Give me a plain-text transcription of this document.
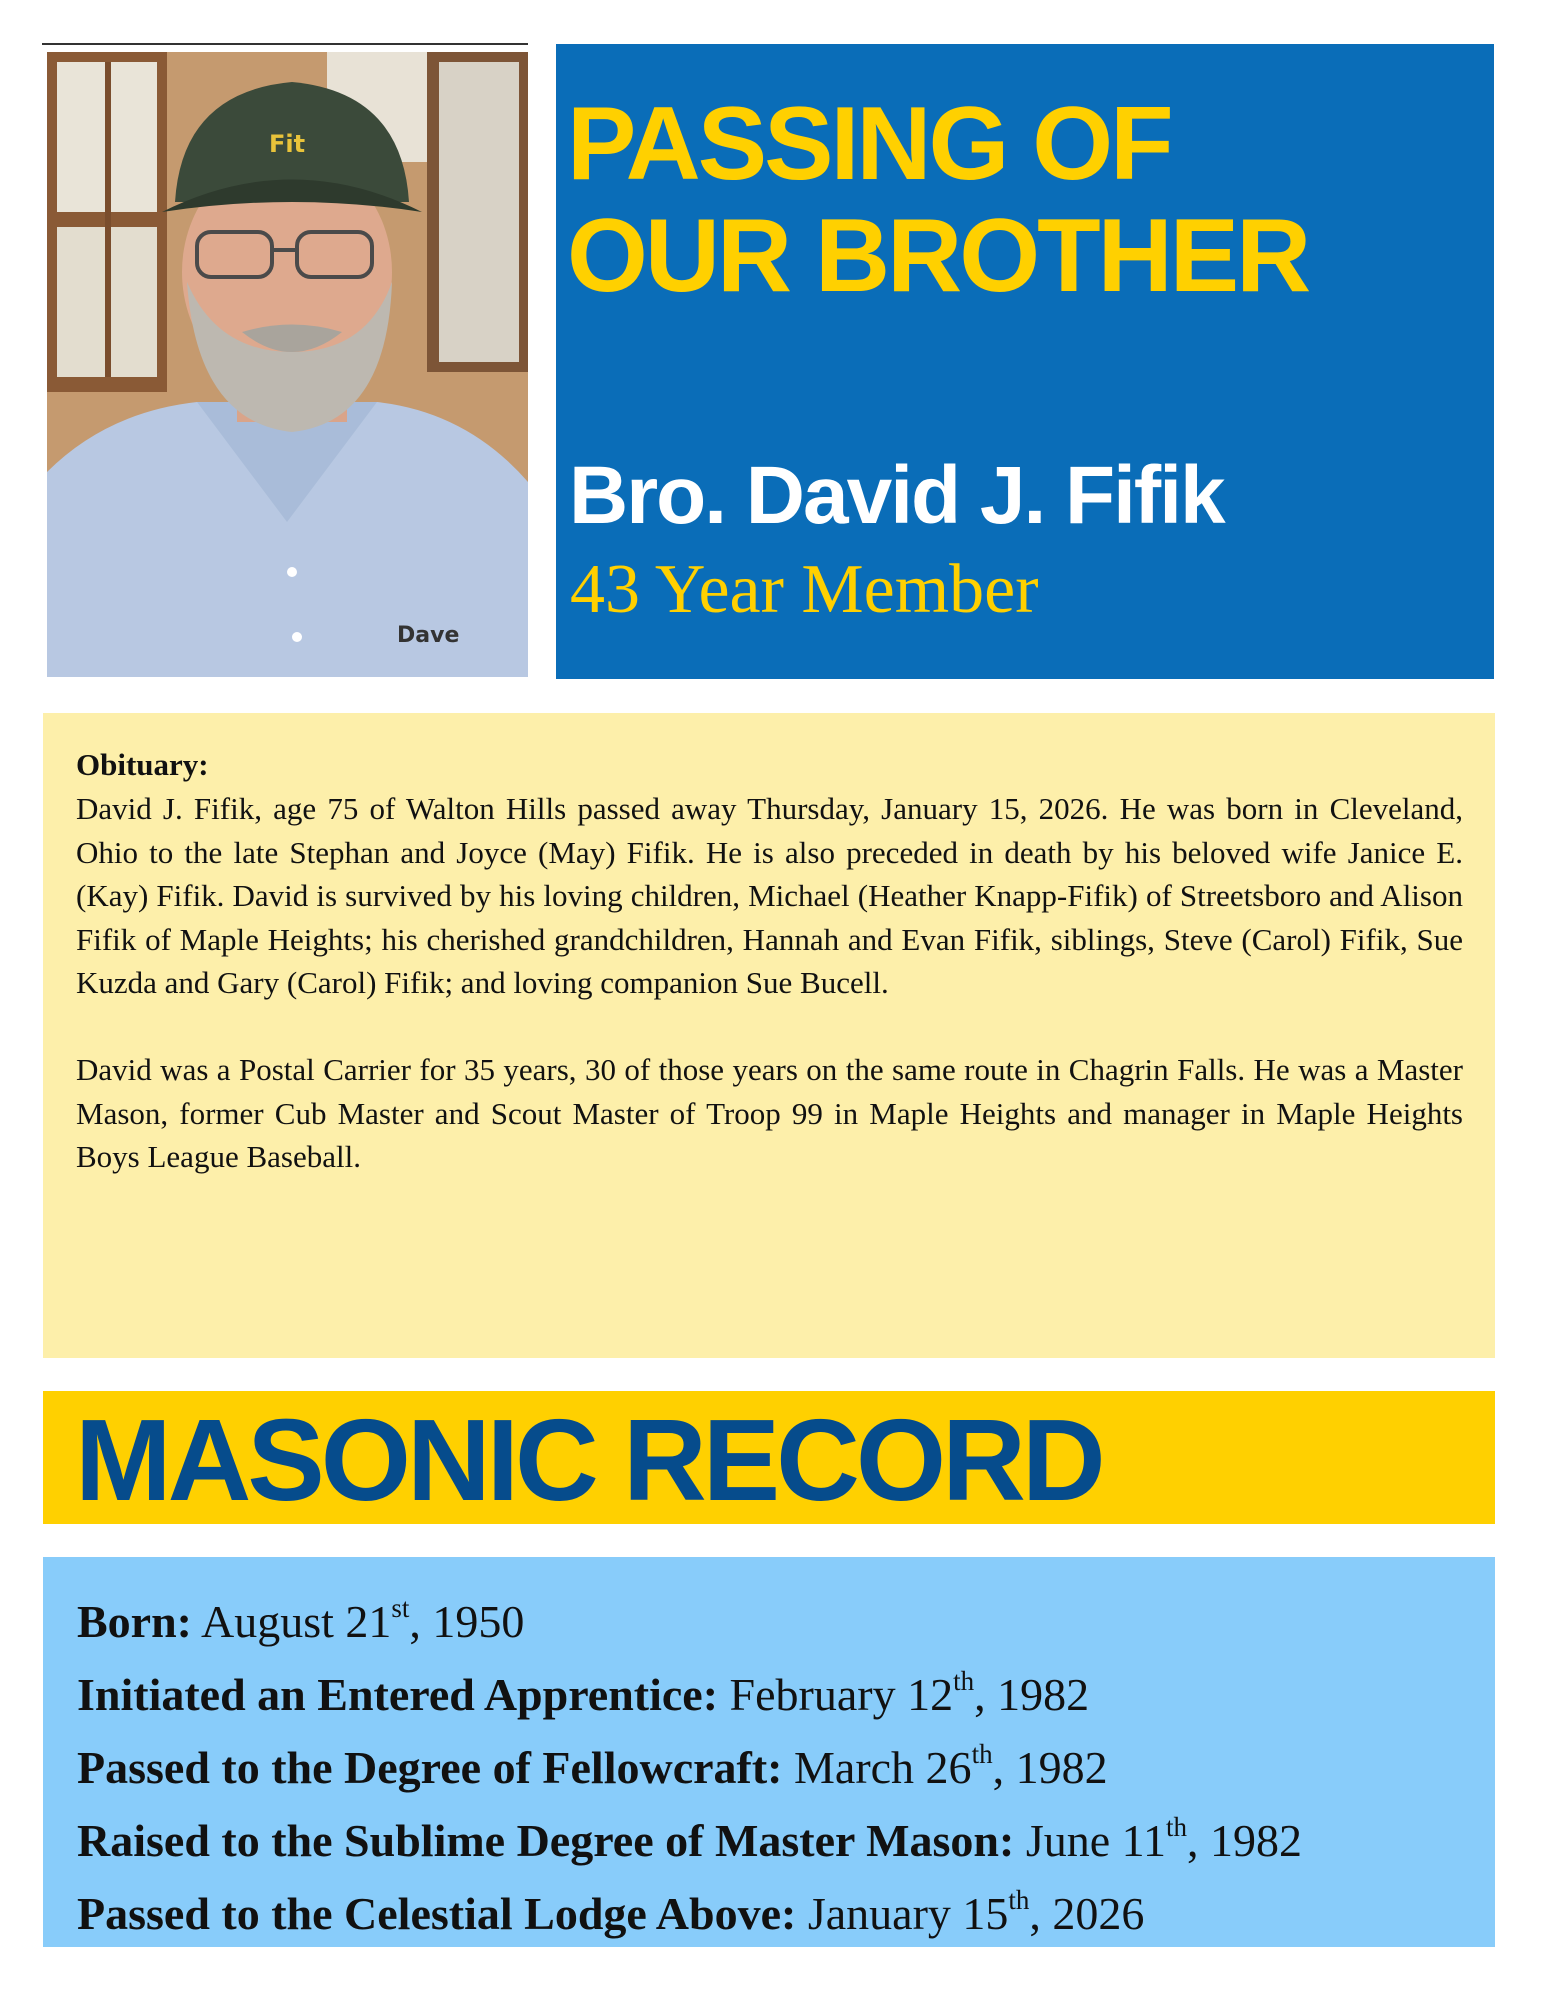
Dave
Fit	PASSING OF
OUR BROTHER
Bro. David J. Fifik

43 Year Member

Obituary:

David J. Fifik, age 75 of Walton Hills passed away Thursday, January 15, 2026. He was born in Cleveland, Ohio to the late Stephan and Joyce (May) Fifik. He is also preceded in death by his beloved wife Janice E. (Kay) Fifik. David is survived by his loving children, Michael (Heather Knapp-Fifik) of Streetsboro and Alison Fifik of Maple Heights; his cherished grandchildren, Hannah and Evan Fifik, siblings, Steve (Carol) Fifik, Sue Kuzda and Gary (Carol) Fifik; and loving companion Sue Bucell.

David was a Postal Carrier for 35 years, 30 of those years on the same route in Chagrin Falls. He was a Master Mason, former Cub Master and Scout Master of Troop 99 in Maple Heights and manager in Maple Heights Boys League Baseball.

MASONIC RECORD

Born: August 21st, 1950

Initiated an Entered Apprentice: February 12th, 1982

Passed to the Degree of Fellowcraft: March 26th, 1982

Raised to the Sublime Degree of Master Mason: June 11th, 1982

Passed to the Celestial Lodge Above: January 15th, 2026
